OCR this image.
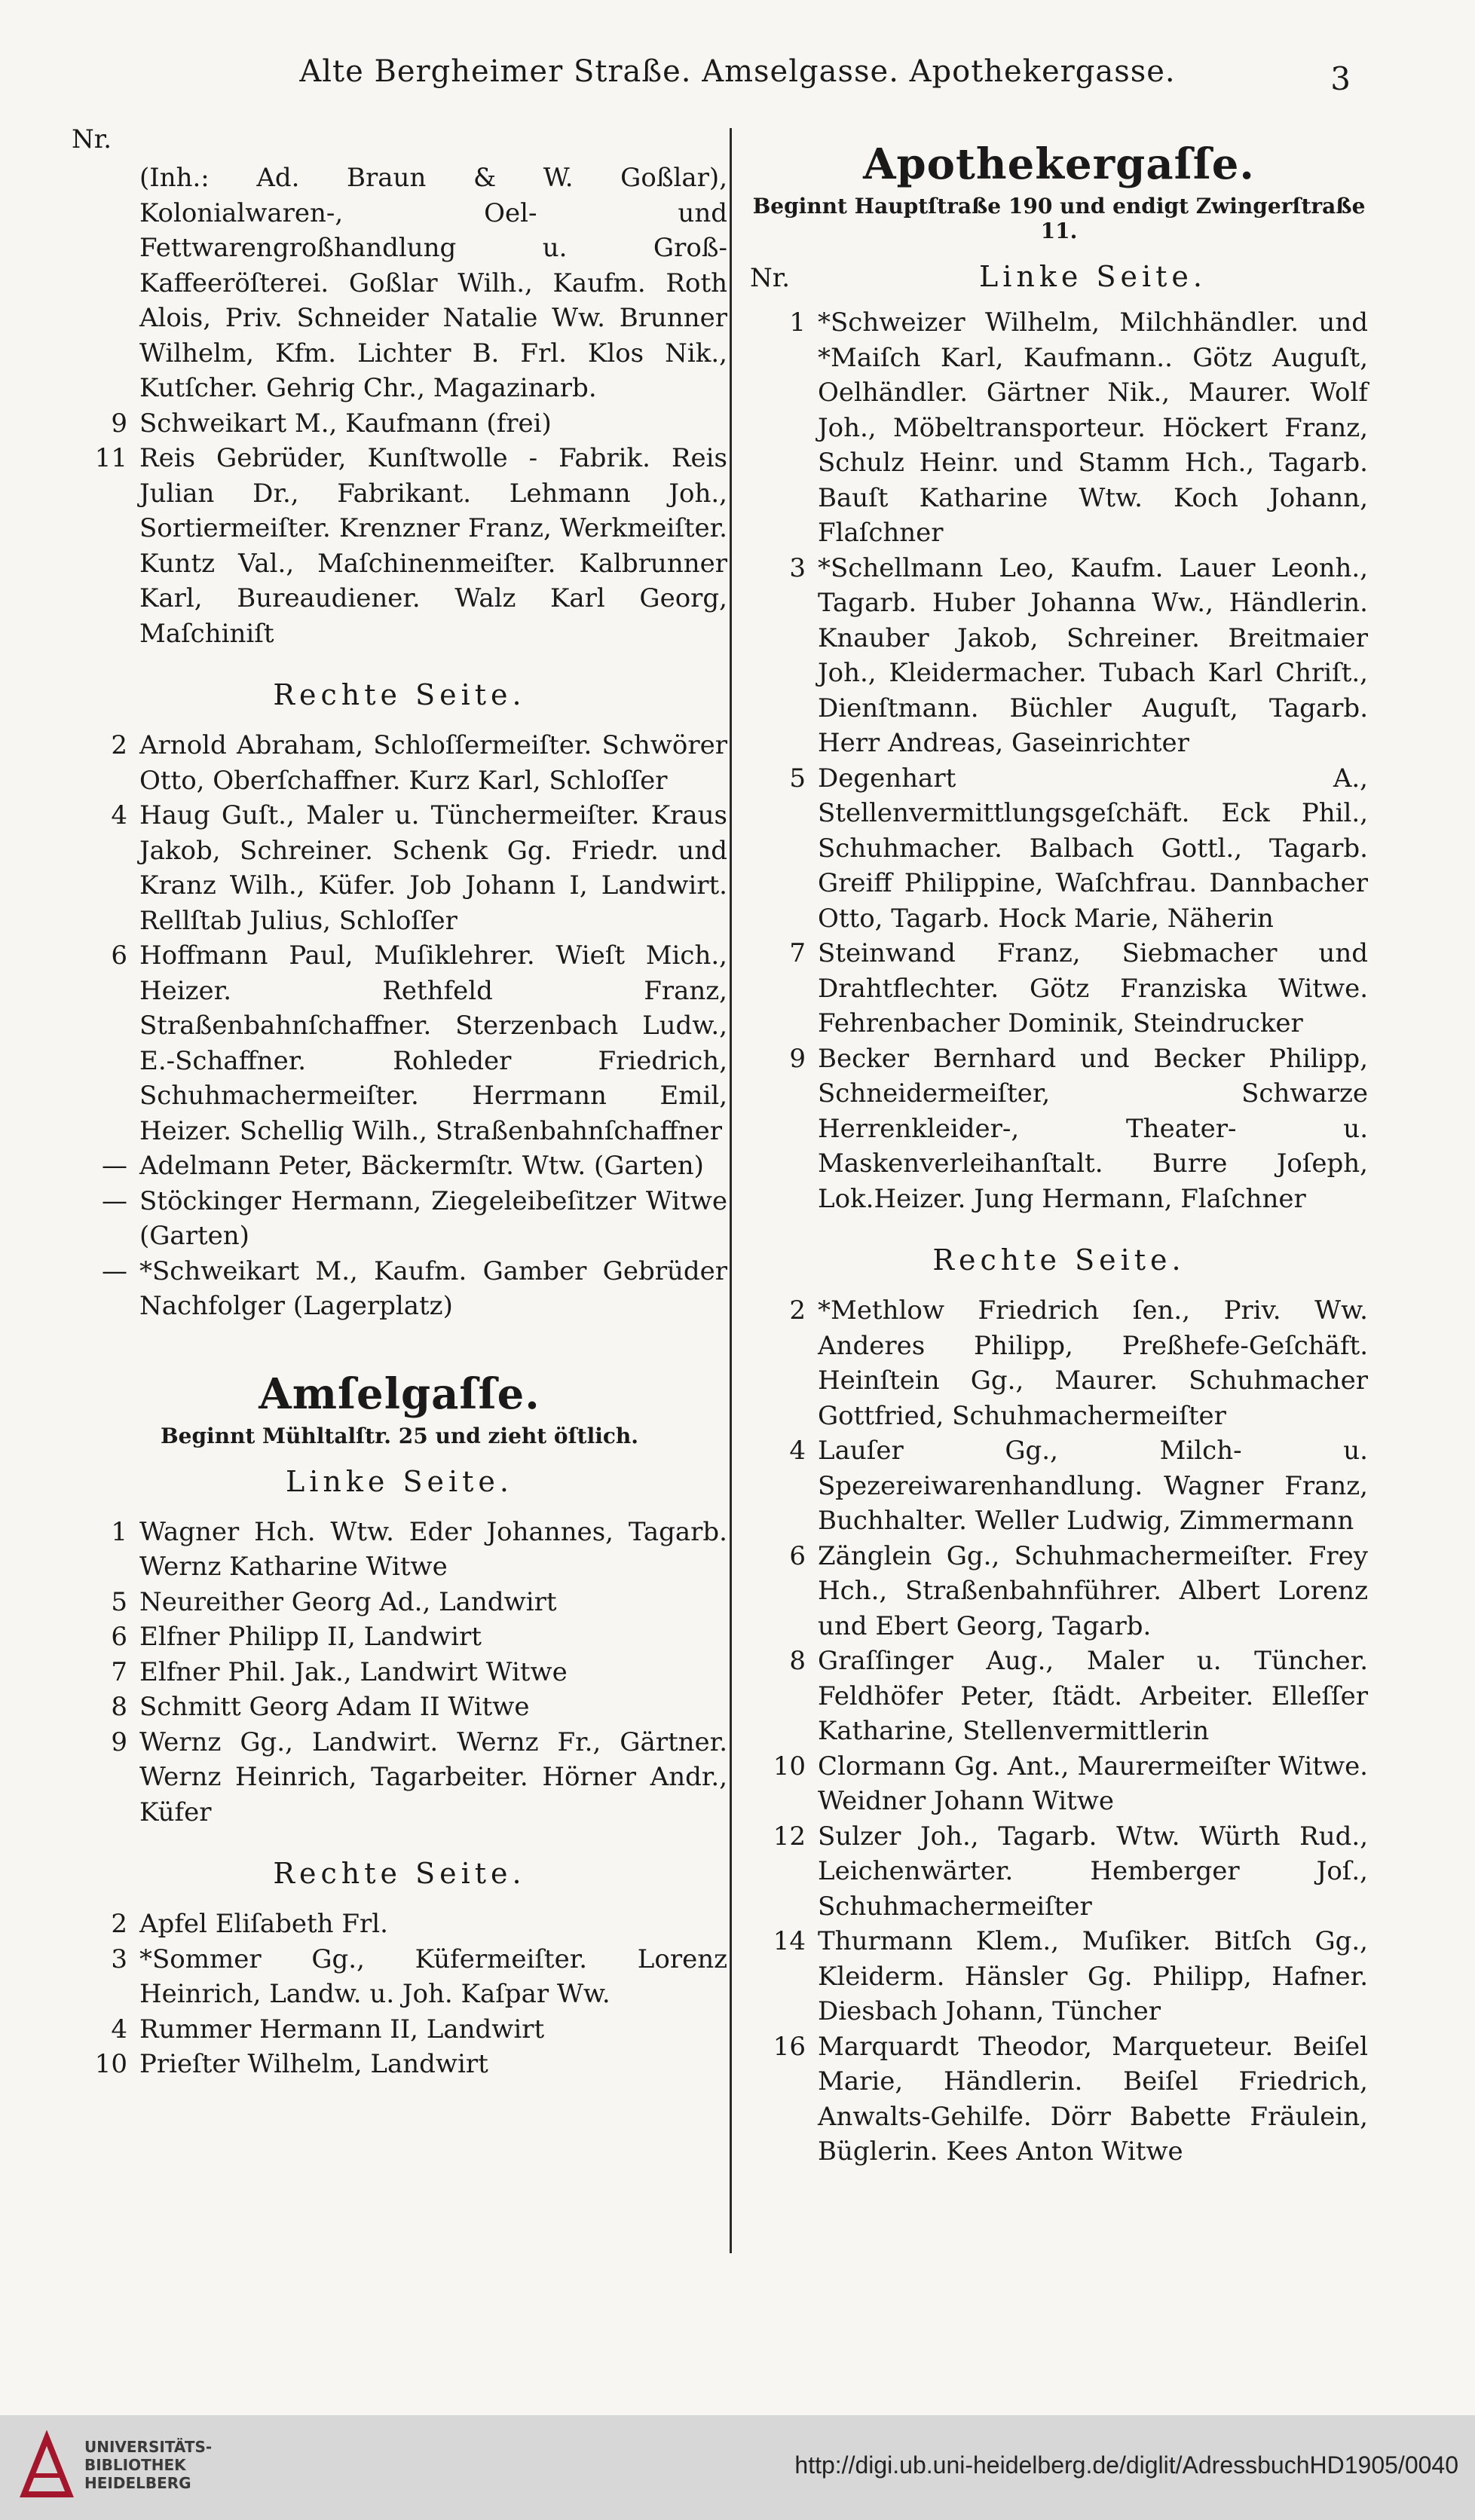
Alte Bergheimer Straße. Amselgasse. Apothekergasse.	3
Nr.
(Inh.: Ad. Braun & W. Goßlar), Kolonialwaren-, Oel- und Fettwarengroßhandlung u. Groß-Kaffeeröſterei. Goßlar Wilh., Kaufm. Roth Alois, Priv. Schneider Natalie Ww. Brunner Wilhelm, Kfm. Lichter B. Frl. Klos Nik., Kutſcher. Gehrig Chr., Magazinarb.
9 Schweikart M., Kaufmann (frei)
11 Reis Gebrüder, Kunſtwolle - Fabrik. Reis Julian Dr., Fabrikant. Lehmann Joh., Sortiermeiſter. Krenzner Franz, Werkmeiſter. Kuntz Val., Maſchinenmeiſter. Kalbrunner Karl, Bureaudiener. Walz Karl Georg, Maſchiniſt
Rechte Seite.
2 Arnold Abraham, Schloſſermeiſter. Schwörer Otto, Oberſchaffner. Kurz Karl, Schloſſer
4 Haug Guſt., Maler u. Tünchermeiſter. Kraus Jakob, Schreiner. Schenk Gg. Friedr. und Kranz Wilh., Küfer. Job Johann I, Landwirt. Rellſtab Julius, Schloſſer
6 Hoffmann Paul, Muſiklehrer. Wieſt Mich., Heizer. Rethfeld Franz, Straßenbahnſchaffner. Sterzenbach Ludw., E.-Schaffner. Rohleder Friedrich, Schuhmachermeiſter. Herrmann Emil, Heizer. Schellig Wilh., Straßenbahnſchaffner
— Adelmann Peter, Bäckermſtr. Wtw. (Garten)
— Stöckinger Hermann, Ziegeleibeſitzer Witwe (Garten)
— *Schweikart M., Kaufm. Gamber Gebrüder Nachfolger (Lagerplatz)
Amſelgaſſe.
Beginnt Mühltalſtr. 25 und zieht öſtlich.
Linke Seite.
1 Wagner Hch. Wtw. Eder Johannes, Tagarb. Wernz Katharine Witwe
5 Neureither Georg Ad., Landwirt
6 Elfner Philipp II, Landwirt
7 Elfner Phil. Jak., Landwirt Witwe
8 Schmitt Georg Adam II Witwe
9 Wernz Gg., Landwirt. Wernz Fr., Gärtner. Wernz Heinrich, Tagarbeiter. Hörner Andr., Küfer
Rechte Seite.
2 Apfel Eliſabeth Frl.
3 *Sommer Gg., Küfermeiſter. Lorenz Heinrich, Landw. u. Joh. Kaſpar Ww.
4 Rummer Hermann II, Landwirt
10 Prieſter Wilhelm, Landwirt
Apothekergaſſe.
Beginnt Hauptſtraße 190 und endigt Zwingerſtraße 11.
Nr.	Linke Seite.
1 *Schweizer Wilhelm, Milchhändler. und *Maiſch Karl, Kaufmann.. Götz Auguſt, Oelhändler. Gärtner Nik., Maurer. Wolf Joh., Möbeltransporteur. Höckert Franz, Schulz Heinr. und Stamm Hch., Tagarb. Bauſt Katharine Wtw. Koch Johann, Flaſchner
3 *Schellmann Leo, Kaufm. Lauer Leonh., Tagarb. Huber Johanna Ww., Händlerin. Knauber Jakob, Schreiner. Breitmaier Joh., Kleidermacher. Tubach Karl Chriſt., Dienſtmann. Büchler Auguſt, Tagarb. Herr Andreas, Gaseinrichter
5 Degenhart A., Stellenvermittlungsgeſchäft. Eck Phil., Schuhmacher. Balbach Gottl., Tagarb. Greiff Philippine, Waſchfrau. Dannbacher Otto, Tagarb. Hock Marie, Näherin
7 Steinwand Franz, Siebmacher und Drahtflechter. Götz Franziska Witwe. Fehrenbacher Dominik, Steindrucker
9 Becker Bernhard und Becker Philipp, Schneidermeiſter, Schwarze Herrenkleider-, Theater- u. Maskenverleihanſtalt. Burre Joſeph, Lok.Heizer. Jung Hermann, Flaſchner
Rechte Seite.
2 *Methlow Friedrich ſen., Priv. Ww. Anderes Philipp, Preßhefe-Geſchäft. Heinſtein Gg., Maurer. Schuhmacher Gottfried, Schuhmachermeiſter
4 Lauſer Gg., Milch- u. Spezereiwarenhandlung. Wagner Franz, Buchhalter. Weller Ludwig, Zimmermann
6 Zänglein Gg., Schuhmachermeiſter. Frey Hch., Straßenbahnführer. Albert Lorenz und Ebert Georg, Tagarb.
8 Graſſinger Aug., Maler u. Tüncher. Feldhöfer Peter, ſtädt. Arbeiter. Elleſſer Katharine, Stellenvermittlerin
10 Clormann Gg. Ant., Maurermeiſter Witwe. Weidner Johann Witwe
12 Sulzer Joh., Tagarb. Wtw. Würth Rud., Leichenwärter. Hemberger Joſ., Schuhmachermeiſter
14 Thurmann Klem., Muſiker. Bitſch Gg., Kleiderm. Hänsler Gg. Philipp, Hafner. Diesbach Johann, Tüncher
16 Marquardt Theodor, Marqueteur. Beiſel Marie, Händlerin. Beiſel Friedrich, Anwalts-Gehilfe. Dörr Babette Fräulein, Büglerin. Kees Anton Witwe
UNIVERSITÄTS-
BIBLIOTHEK
HEIDELBERG
http://digi.ub.uni-heidelberg.de/diglit/AdressbuchHD1905/0040
